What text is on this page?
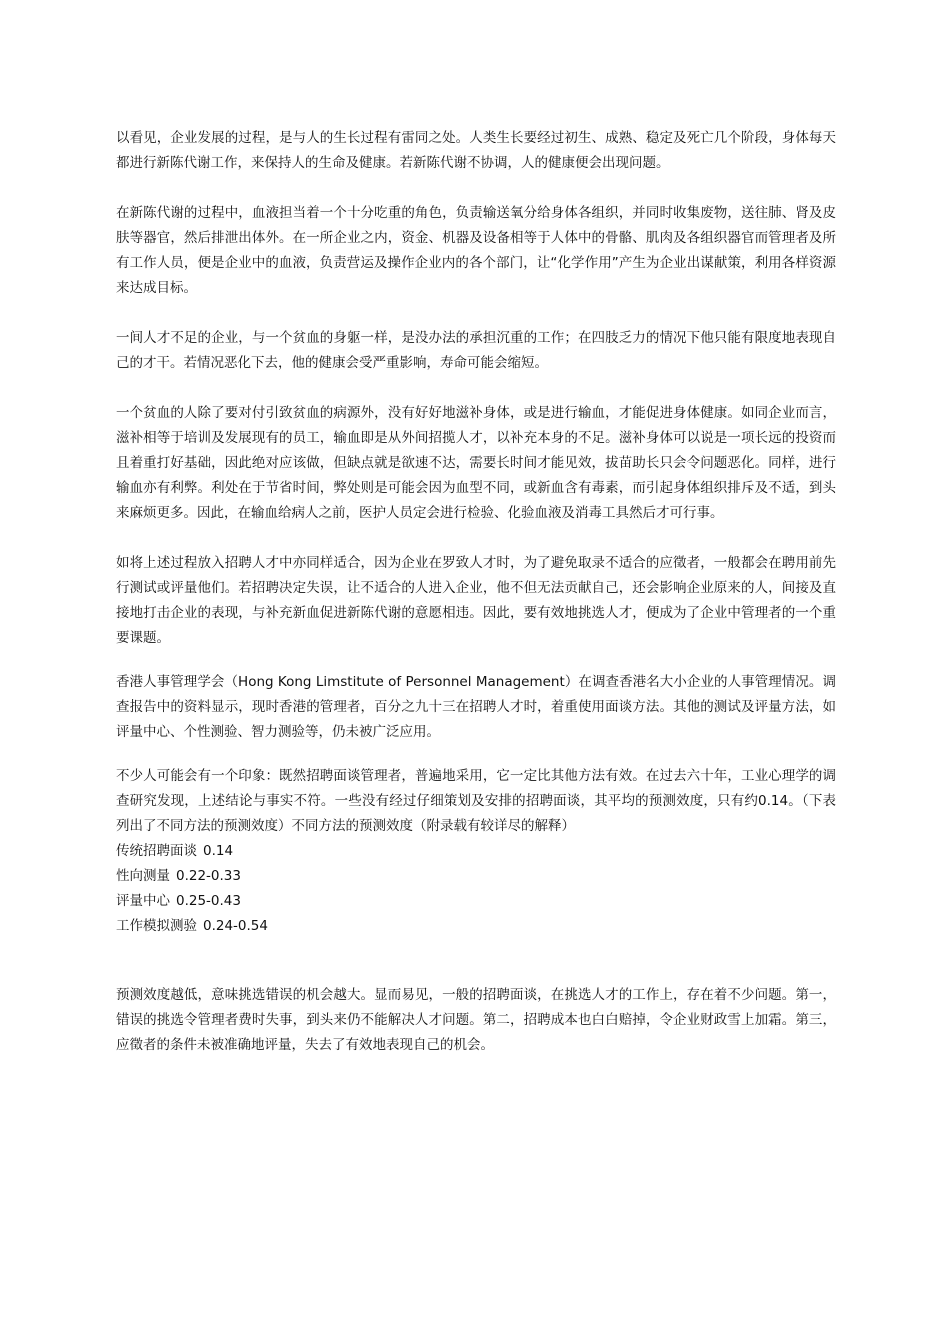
以看见，企业发展的过程，是与人的生长过程有雷同之处。人类生长要经过初生、成熟、稳定及死亡几个阶段，身体每天都进行新陈代谢工作，来保持人的生命及健康。若新陈代谢不协调，人的健康便会出现问题。

在新陈代谢的过程中，血液担当着一个十分吃重的角色，负责输送氧分给身体各组织，并同时收集废物，送往肺、肾及皮肤等器官，然后排泄出体外。在一所企业之内，资金、机器及设备相等于人体中的骨骼、肌肉及各组织器官而管理者及所有工作人员，便是企业中的血液，负责营运及操作企业内的各个部门，让“化学作用”产生为企业出谋献策，利用各样资源来达成目标。

一间人才不足的企业，与一个贫血的身躯一样，是没办法的承担沉重的工作；在四肢乏力的情况下他只能有限度地表现自己的才干。若情况恶化下去，他的健康会受严重影响，寿命可能会缩短。

一个贫血的人除了要对付引致贫血的病源外，没有好好地滋补身体，或是进行输血，才能促进身体健康。如同企业而言，滋补相等于培训及发展现有的员工，输血即是从外间招揽人才，以补充本身的不足。滋补身体可以说是一项长远的投资而且着重打好基础，因此绝对应该做，但缺点就是欲速不达，需要长时间才能见效，拔苗助长只会令问题恶化。同样，进行输血亦有利弊。利处在于节省时间，弊处则是可能会因为血型不同，或新血含有毒素，而引起身体组织排斥及不适，到头来麻烦更多。因此，在输血给病人之前，医护人员定会进行检验、化验血液及消毒工具然后才可行事。

如将上述过程放入招聘人才中亦同样适合，因为企业在罗致人才时，为了避免取录不适合的应徵者，一般都会在聘用前先行测试或评量他们。若招聘决定失误，让不适合的人进入企业，他不但无法贡献自己，还会影响企业原来的人，间接及直接地打击企业的表现，与补充新血促进新陈代谢的意愿相违。因此，要有效地挑选人才，便成为了企业中管理者的一个重要课题。

香港人事管理学会（Hong Kong Limstitute of Personnel Management）在调查香港名大小企业的人事管理情况。调查报告中的资料显示，现时香港的管理者，百分之九十三在招聘人才时，着重使用面谈方法。其他的测试及评量方法，如评量中心、个性测验、智力测验等，仍未被广泛应用。

不少人可能会有一个印象：既然招聘面谈管理者，普遍地采用，它一定比其他方法有效。在过去六十年，工业心理学的调查研究发现，上述结论与事实不符。一些没有经过仔细策划及安排的招聘面谈，其平均的预测效度，只有约0.14。（下表列出了不同方法的预测效度）不同方法的预测效度（附录载有较详尽的解释）

传统招聘面谈 0.14

性向测量 0.22-0.33

评量中心 0.25-0.43

工作模拟测验 0.24-0.54

预测效度越低，意味挑选错误的机会越大。显而易见，一般的招聘面谈，在挑选人才的工作上，存在着不少问题。第一，错误的挑选令管理者费时失事，到头来仍不能解决人才问题。第二，招聘成本也白白赔掉，令企业财政雪上加霜。第三，应徵者的条件未被准确地评量，失去了有效地表现自己的机会。
